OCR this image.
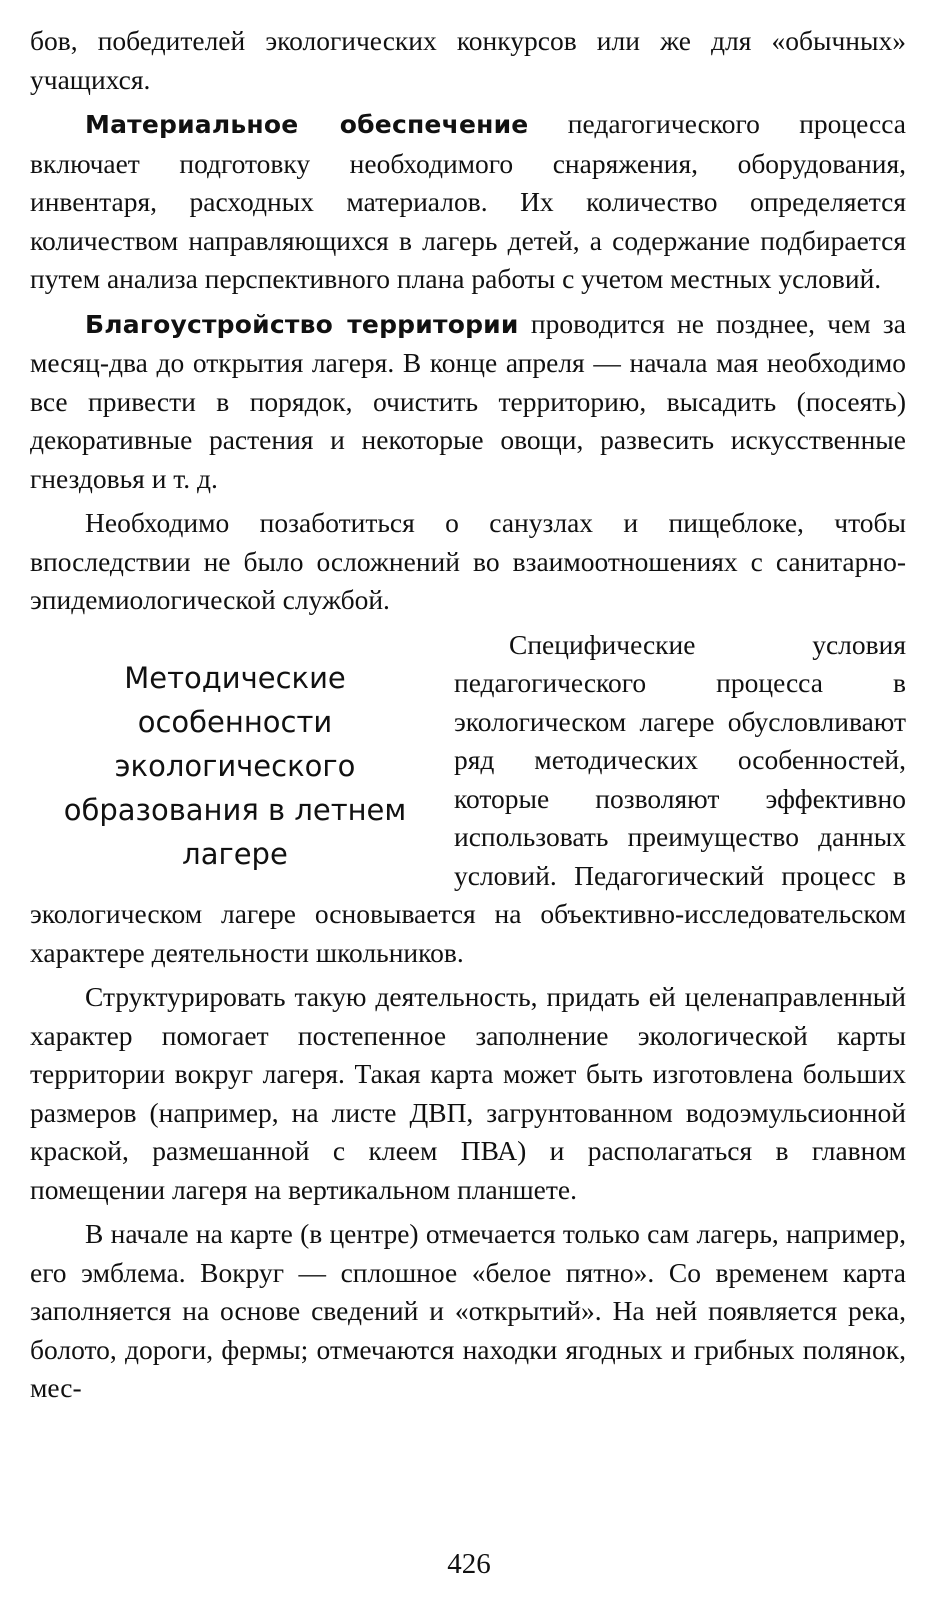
бов, победителей экологических конкурсов или же для «обычных» учащихся.

Материальное обеспечение педагогического процесса включает подготовку необходимого снаряжения, оборудования, инвентаря, расходных материалов. Их количество определяется количеством направляющихся в лагерь детей, а содержание подбирается путем анализа перспективного плана работы с учетом местных условий.

Благоустройство территории проводится не позднее, чем за месяц-два до открытия лагеря. В конце апреля — начала мая необходимо все привести в порядок, очистить территорию, высадить (посеять) декоративные растения и некоторые овощи, развесить искусственные гнездовья и т. д.

Необходимо позаботиться о санузлах и пищеблоке, чтобы впоследствии не было осложнений во взаимоотношениях с санитарно-эпидемиологической службой.

Методические особенности экологического образования в летнем лагере

Специфические условия педагогического процесса в экологическом лагере обусловливают ряд методических особенностей, которые позволяют эффективно использовать преимущество данных условий. Педагогический процесс в экологическом лагере основывается на объективно-исследовательском характере деятельности школьников.

Структурировать такую деятельность, придать ей целенаправленный характер помогает постепенное заполнение экологической карты территории вокруг лагеря. Такая карта может быть изготовлена больших размеров (например, на листе ДВП, загрунтованном водоэмульсионной краской, размешанной с клеем ПВА) и располагаться в главном помещении лагеря на вертикальном планшете.

В начале на карте (в центре) отмечается только сам лагерь, например, его эмблема. Вокруг — сплошное «белое пятно». Со временем карта заполняется на основе сведений и «открытий». На ней появляется река, болото, дороги, фермы; отмечаются находки ягодных и грибных полянок, мес-

426
